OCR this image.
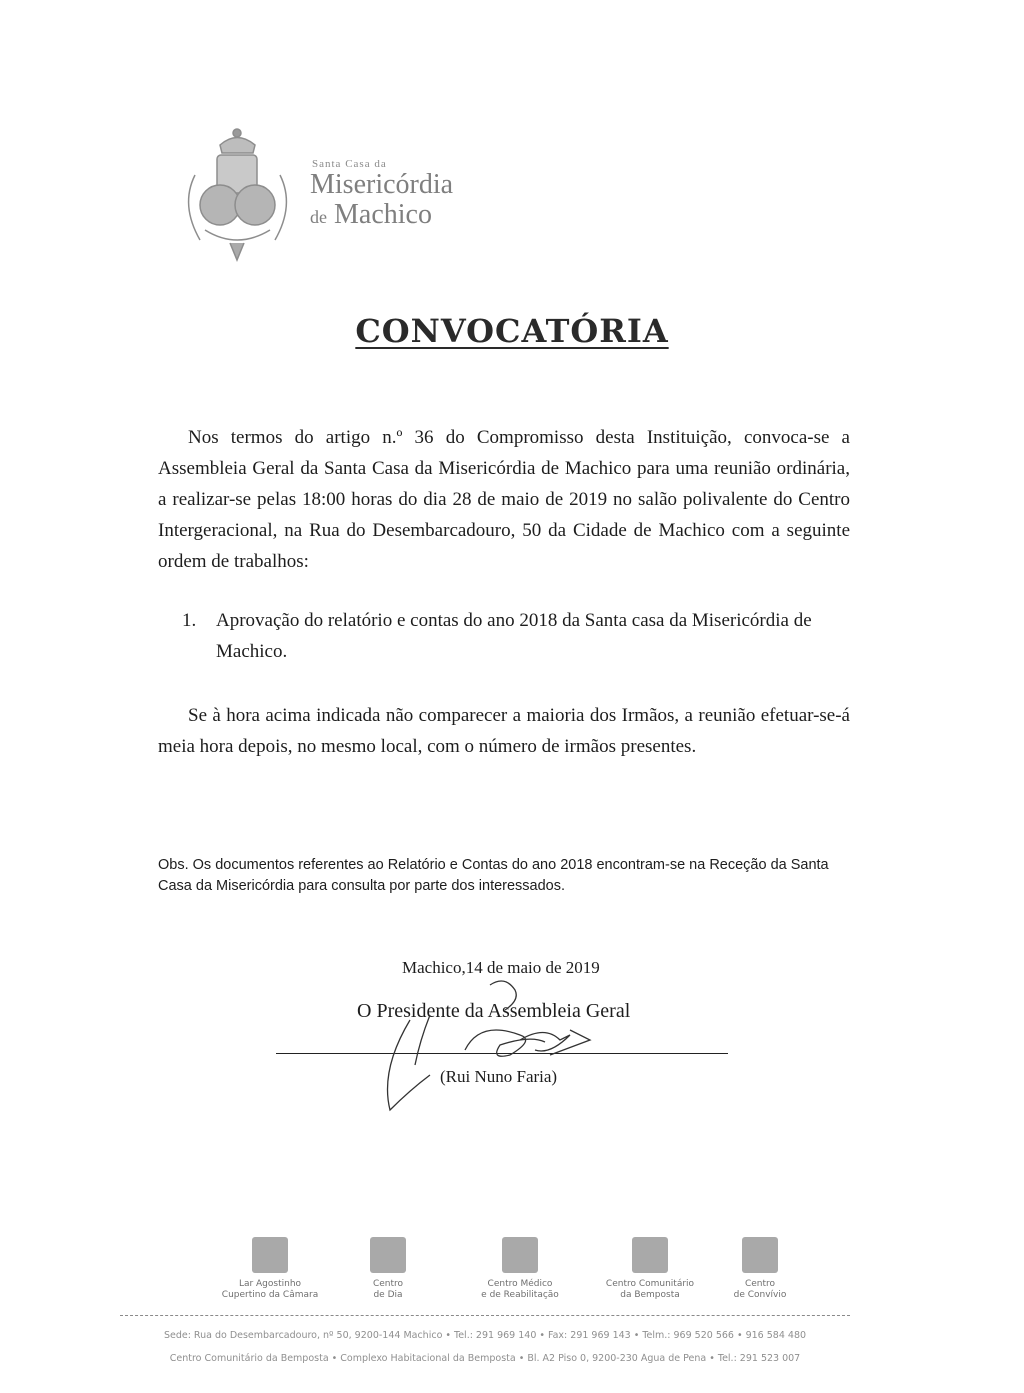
Santa Casa da
Misericórdia
de Machico
CONVOCATÓRIA
Nos termos do artigo n.º 36 do Compromisso desta Instituição, convoca-se a Assembleia Geral da Santa Casa da Misericórdia de Machico para uma reunião ordinária, a realizar-se pelas 18:00 horas do dia 28 de maio de 2019 no salão polivalente do Centro Intergeracional, na Rua do Desembarcadouro, 50 da Cidade de Machico com a seguinte ordem de trabalhos:
1.	Aprovação do relatório e contas do ano 2018 da Santa casa da Misericórdia de Machico.
Se à hora acima indicada não comparecer a maioria dos Irmãos, a reunião efetuar-se-á meia hora depois, no mesmo local, com o número de irmãos presentes.
Obs. Os documentos referentes ao Relatório e Contas do ano 2018 encontram-se na Receção da Santa Casa da Misericórdia para consulta por parte dos interessados.
Machico,14 de maio de 2019
O Presidente da Assembleia Geral
(Rui Nuno Faria)
Lar Agostinho
Cupertino da Câmara
Centro
de Dia
Centro Médico
e de Reabilitação
Centro Comunitário
da Bemposta
Centro
de Convívio
Sede: Rua do Desembarcadouro, nº 50, 9200-144 Machico • Tel.: 291 969 140 • Fax: 291 969 143 • Telm.: 969 520 566 • 916 584 480
Centro Comunitário da Bemposta • Complexo Habitacional da Bemposta • Bl. A2 Piso 0, 9200-230 Água de Pena • Tel.: 291 523 007
